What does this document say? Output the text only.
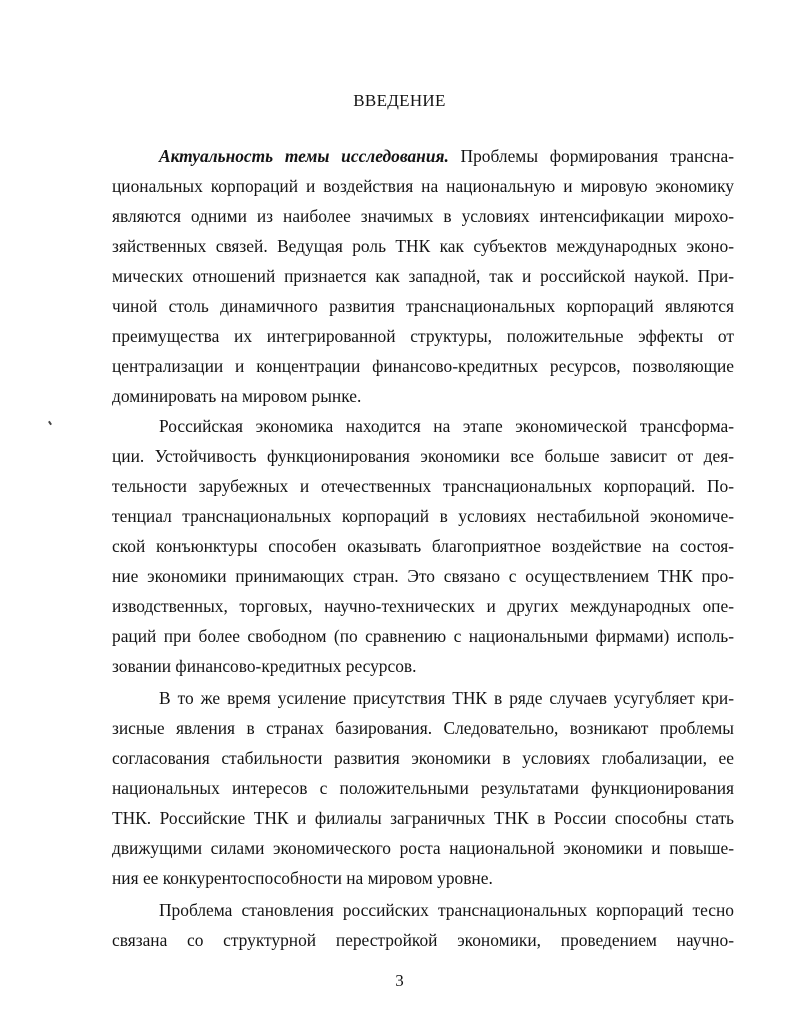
ВВЕДЕНИЕ
Актуальность темы исследования. Проблемы формирования трансна-
циональных корпораций и воздействия на национальную и мировую экономику
являются одними из наиболее значимых в условиях интенсификации мирохо-
зяйственных связей. Ведущая роль ТНК как субъектов международных эконо-
мических отношений признается как западной, так и российской наукой. При-
чиной столь динамичного развития транснациональных корпораций являются
преимущества их интегрированной структуры, положительные эффекты от
централизации и концентрации финансово-кредитных ресурсов, позволяющие
доминировать на мировом рынке.
Российская экономика находится на этапе экономической трансформа-
ции. Устойчивость функционирования экономики все больше зависит от дея-
тельности зарубежных и отечественных транснациональных корпораций. По-
тенциал транснациональных корпораций в условиях нестабильной экономиче-
ской конъюнктуры способен оказывать благоприятное воздействие на состоя-
ние экономики принимающих стран. Это связано с осуществлением ТНК про-
изводственных, торговых, научно-технических и других международных опе-
раций при более свободном (по сравнению с национальными фирмами) исполь-
зовании финансово-кредитных ресурсов.
В то же время усиление присутствия ТНК в ряде случаев усугубляет кри-
зисные явления в странах базирования. Следовательно, возникают проблемы
согласования стабильности развития экономики в условиях глобализации, ее
национальных интересов с положительными результатами функционирования
ТНК. Российские ТНК и филиалы заграничных ТНК в России способны стать
движущими силами экономического роста национальной экономики и повыше-
ния ее конкурентоспособности на мировом уровне.
Проблема становления российских транснациональных корпораций тесно
связана со структурной перестройкой экономики, проведением научно-
3
